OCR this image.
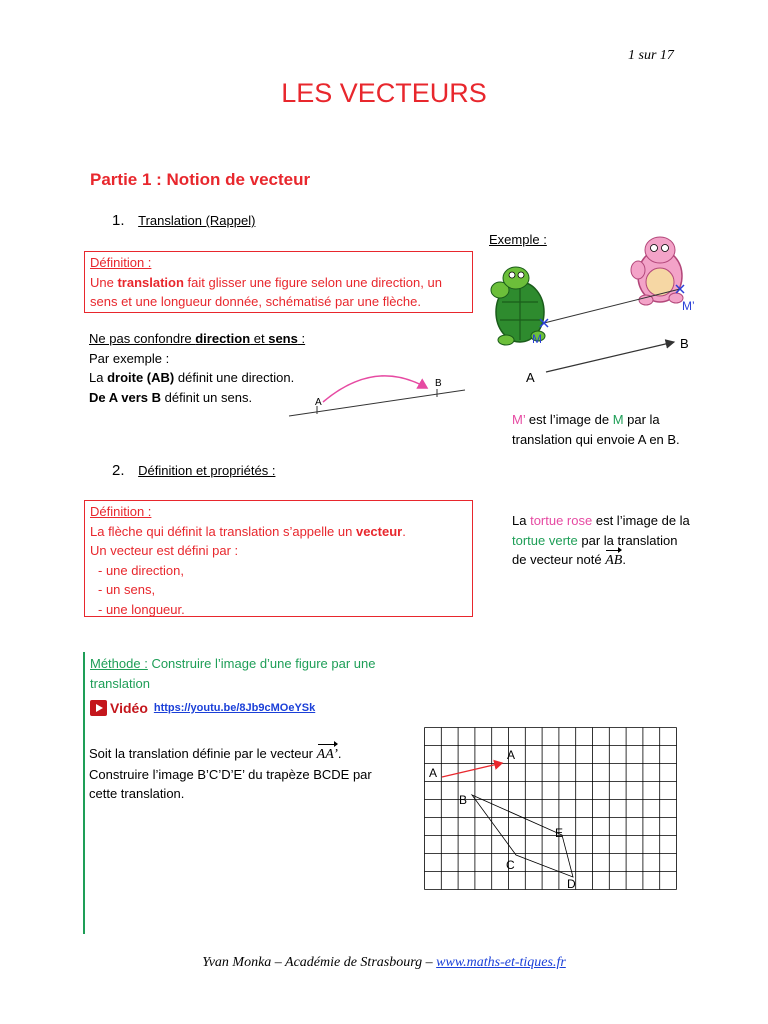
1 sur 17
LES VECTEURS
Partie 1 : Notion de vecteur
1. Translation (Rappel)
Définition :
Une translation fait glisser une figure selon une direction, un
sens et une longueur donnée, schématisé par une flèche.
Ne pas confondre direction et sens :
Par exemple :
La droite (AB) définit une direction.
De A vers B définit un sens.	A
B
Exemple :
M
M’
A
B
M’ est l’image de M par la
translation qui envoie A en B.
2. Définition et propriétés :
Définition :
La flèche qui définit la translation s’appelle un vecteur.
Un vecteur est défini par :
- une direction,
- un sens,
- une longueur.
La tortue rose est l’image de la
tortue verte par la translation
de vecteur noté AB.
Méthode : Construire l’image d’une figure par une
translation
Vidéo https://youtu.be/8Jb9cMOeYSk
Soit la translation définie par le vecteur AA’.
Construire l’image B’C’D’E’ du trapèze BCDE par
cette translation.
A
A
B
C
D
E
Yvan Monka – Académie de Strasbourg – www.maths-et-tiques.fr
